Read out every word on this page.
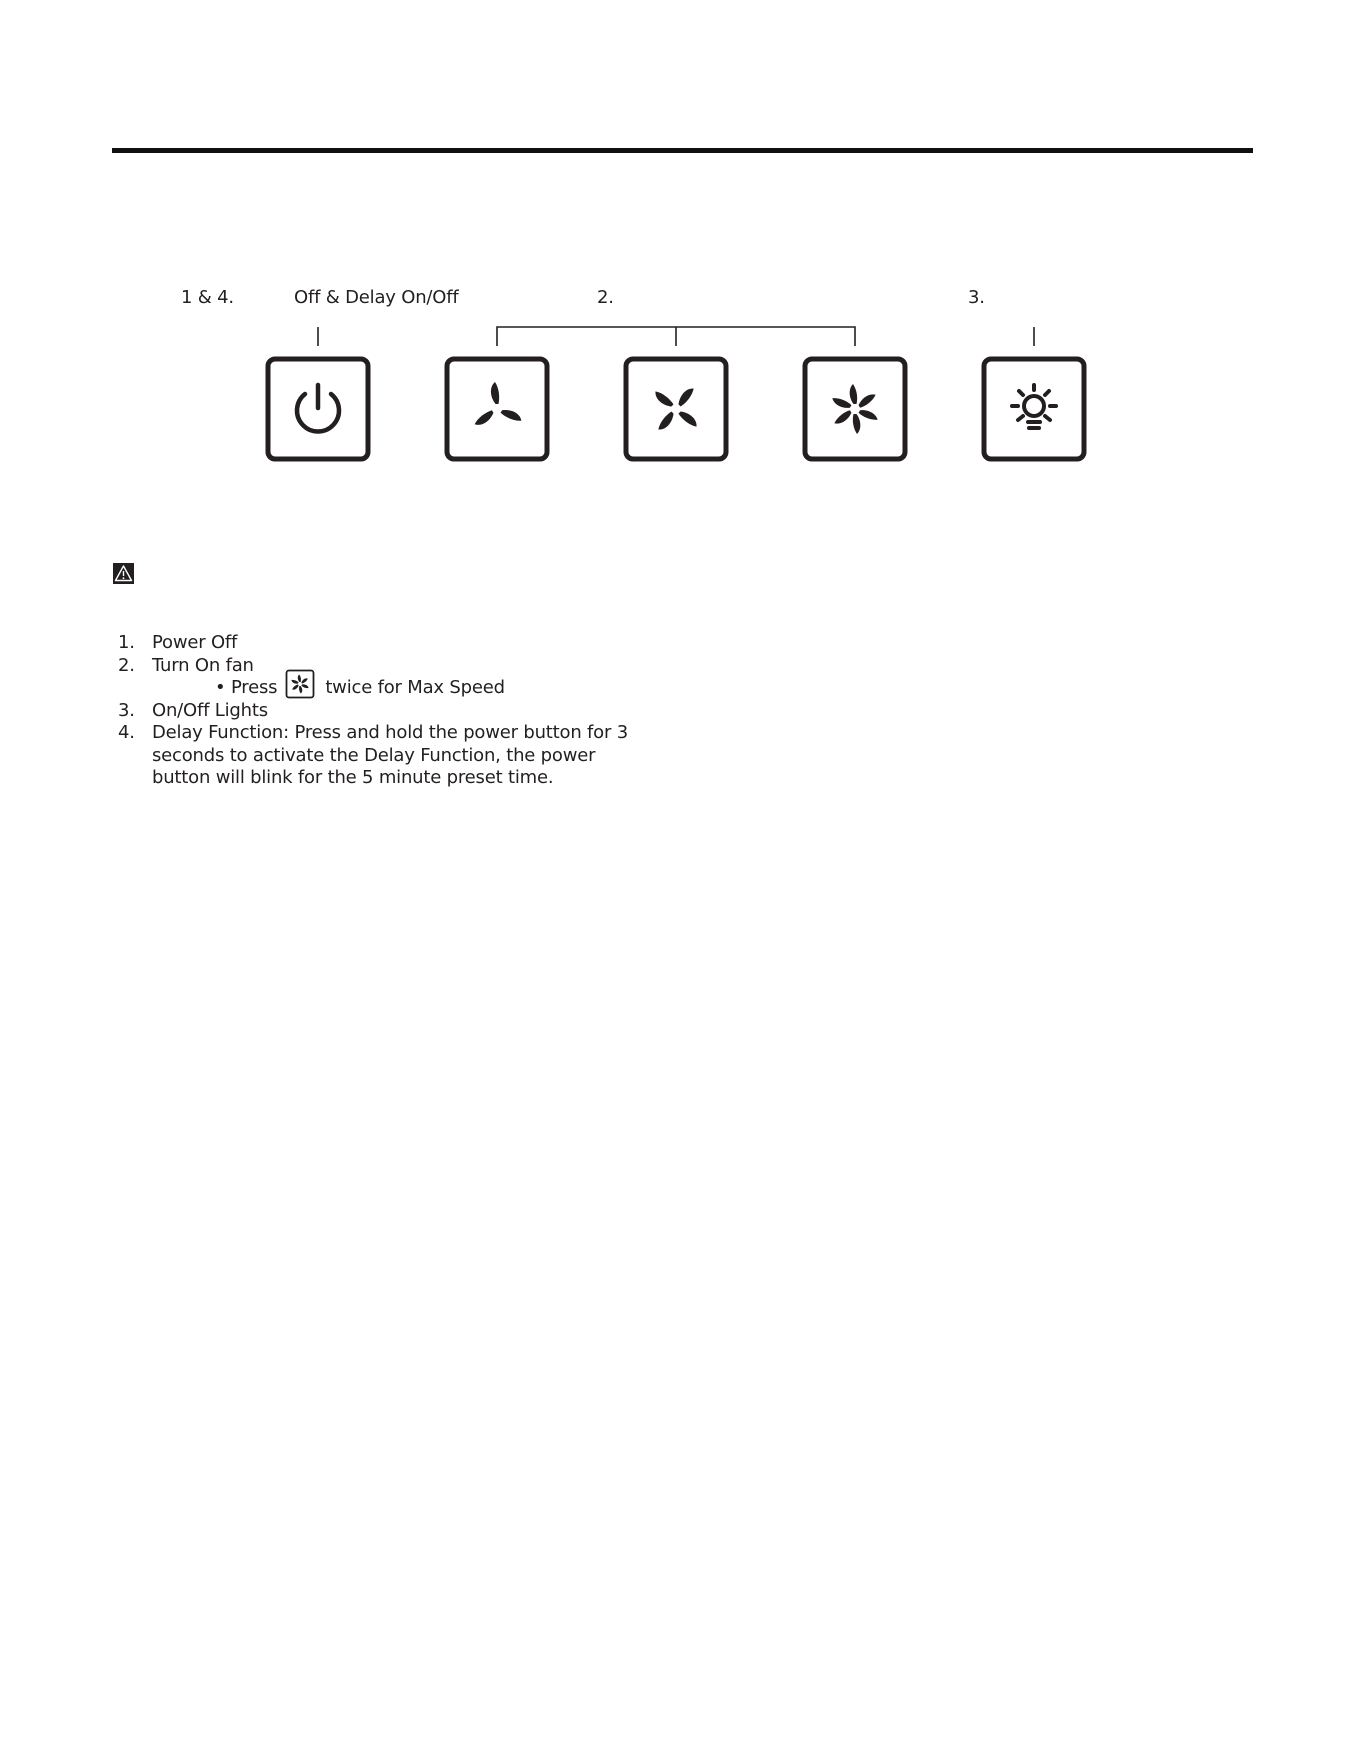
1 & 4.	Off & Delay On/Off	2.	3.
1. Power Off
2. Turn On fan
• Press	twice for Max Speed
3. On/Off Lights
4. Delay Function: Press and hold the power button for 3
seconds to activate the Delay Function, the power
button will blink for the 5 minute preset time.
